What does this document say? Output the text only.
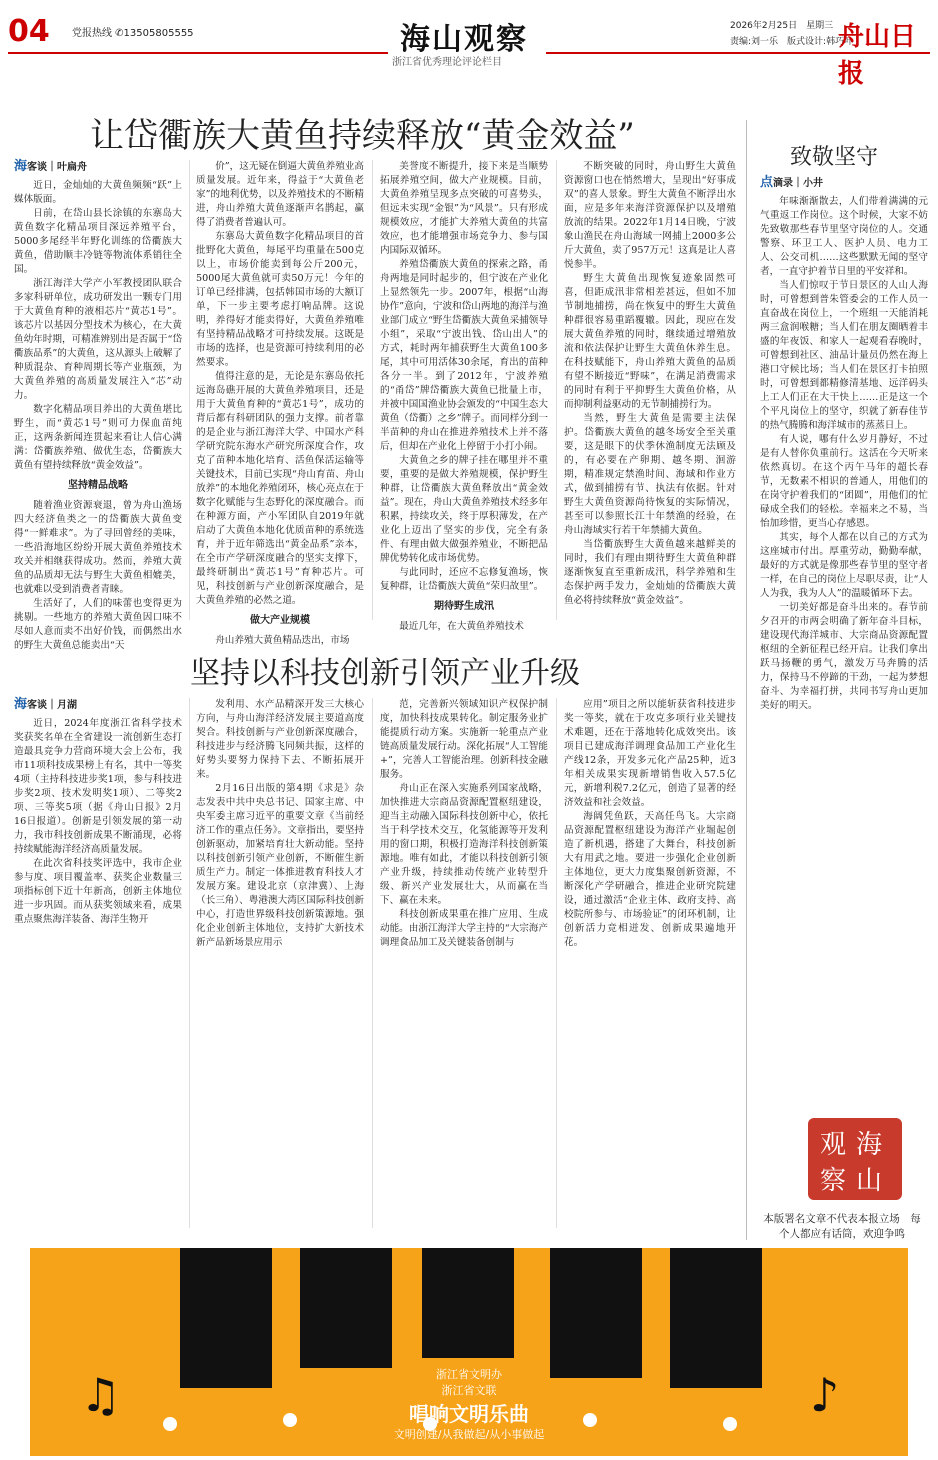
04 党报热线 ✆13505805555	海山观察
浙江省优秀理论评论栏目
2026年2月25日　星期三
责编:刘一乐　版式设计:韩巧叶
舟山日报
让岱衢族大黄鱼持续释放“黄金效益”
海客谈｜叶扁舟

近日，金灿灿的大黄鱼频频“跃”上媒体版面。

日前，在岱山县长涂镇的东寨岛大黄鱼数字化精品项目深远养殖平台，5000多尾经半年野化训练的岱衢族大黄鱼，借助顺丰冷链等物流体系销往全国。

浙江海洋大学产小军教授团队联合多家科研单位，成功研发出一颗专门用于大黄鱼育种的液相芯片“黄芯1号”。该芯片以基因分型技术为核心，在大黄鱼幼年时期，可精准辨别出是否属于“岱衢族品系”的大黄鱼，这从源头上破解了种质混杂、育种周期长等产业瓶颈，为大黄鱼养殖的高质量发展注入“芯”动力。

数字化精品项目养出的大黄鱼堪比野生，而“黄芯1号”则可力保血苗纯正，这两条新闻连贯起来看让人信心满满：岱衢族养殖、做优生态，岱衢族大黄鱼有望持续释放“黄金效益”。

坚持精品战略

随着渔业资源衰退，曾为舟山渔场四大经济鱼类之一的岱衢族大黄鱼变得“一鲜难求”。为了寻回曾经的美味，一些沿海地区纷纷开展大黄鱼养殖技术攻关并相继获得成功。然而，养殖大黄鱼的品质却无法与野生大黄鱼相媲美，也就难以受到消费者青睐。

生活好了，人们的味蕾也变得更为挑剔。一些地方的养殖大黄鱼因口味不尽如人意而卖不出好价钱，而偶然出水的野生大黄鱼总能卖出“天

价”，这无疑在倒逼大黄鱼养殖业高质量发展。近年来，得益于“大黄鱼老家”的地利优势，以及养殖技术的不断精进，舟山养殖大黄鱼逐渐声名鹊起，赢得了消费者普遍认可。

东寨岛大黄鱼数字化精品项目的首批野化大黄鱼，每尾平均重量在500克以上，市场价能卖到每公斤200元，5000尾大黄鱼就可卖50万元！今年的订单已经排满，包括韩国市场的大额订单，下一步主要考虑打响品牌。这说明，养得好才能卖得好，大黄鱼养殖唯有坚持精品战略才可持续发展。这既是市场的选择，也是资源可持续利用的必然要求。

值得注意的是，无论是东寨岛依托远海岛礁开展的大黄鱼养殖项目，还是用于大黄鱼育种的“黄芯1号”，成功的背后都有科研团队的强力支撑。前者靠的是企业与浙江海洋大学、中国水产科学研究院东海水产研究所深度合作，攻克了苗种本地化培育、活鱼保活运输等关键技术，目前已实现“舟山育苗、舟山放养”的本地化养殖闭环，核心亮点在于数字化赋能与生态野化的深度融合。而在种源方面，产小军团队自2019年就启动了大黄鱼本地化优质苗种的系统选育，并于近年筛选出“黄金品系”亲本，在全市产学研深度融合的坚实支撑下，最终研制出“黄芯1号”育种芯片。可见，科技创新与产业创新深度融合，是大黄鱼养殖的必然之道。

做大产业规模

舟山养殖大黄鱼精品迭出，市场

美誉度不断提升，接下来是当顺势拓展养殖空间，做大产业规模。目前，大黄鱼养殖呈现多点突破的可喜势头，但远未实现“金银”为“风景”。只有形成规模效应，才能扩大养殖大黄鱼的共富效应，也才能增强市场竞争力、参与国内国际双循环。

养殖岱衢族大黄鱼的探索之路，甬舟两地是同时起步的，但宁波在产业化上显然领先一步。2007年，根据“山海协作”意向，宁波和岱山两地的海洋与渔业部门成立“野生岱衢族大黄鱼采捕领导小组”，采取“宁波出钱、岱山出人”的方式，耗时两年捕获野生大黄鱼100多尾，其中可用活体30余尾，育出的苗种各分一半。到了2012年，宁波养殖的“甬岱”牌岱衢族大黄鱼已批量上市，并被中国国渔业协会颁发的“中国生态大黄鱼（岱衢）之乡”牌子。而同样分到一半苗种的舟山在推进养殖技术上并不落后，但却在产业化上停留于小打小闹。

大黄鱼之乡的牌子挂在哪里并不重要，重要的是做大养殖规模，保护野生种群，让岱衢族大黄鱼释放出“黄金效益”。现在，舟山大黄鱼养殖技术经多年积累，持续攻关，终于厚积薄发，在产业化上迈出了坚实的步伐，完全有条件、有理由做大做强养殖业，不断把品牌优势转化成市场优势。

与此同时，还应不忘修复渔场，恢复种群，让岱衢族大黄鱼“荣归故里”。

期待野生成汛

最近几年，在大黄鱼养殖技术

不断突破的同时，舟山野生大黄鱼资源窗口也在悄然增大，呈现出“好事成双”的喜人景象。野生大黄鱼不断浮出水面，应是多年来海洋资源保护以及增殖放流的结果。2022年1月14日晚，宁波象山渔民在舟山海域一网捕上2000多公斤大黄鱼，卖了957万元！这真是让人喜悦参半。

野生大黄鱼出现恢复迹象固然可喜，但距成汛非常相差甚远，但如不加节制地捕捞，尚在恢复中的野生大黄鱼种群很容易重蹈覆辙。因此，现应在发展大黄鱼养殖的同时，继续通过增殖放流和依法保护让野生大黄鱼休养生息。在科技赋能下，舟山养殖大黄鱼的品质有望不断接近“野味”，在满足消费需求的同时有利于平抑野生大黄鱼价格，从而抑制利益驱动的无节制捕捞行为。

当然，野生大黄鱼是需要主法保护。岱衢族大黄鱼的越冬场安全至关重要，这是眼下的伏季休渔制度无法顾及的，有必要在产卵期、越冬期、洄游期，精准规定禁渔时间、海域和作业方式，做到捕捞有节、执法有依据。针对野生大黄鱼资源尚待恢复的实际情况，甚至可以参照长江十年禁渔的经验，在舟山海域实行若干年禁捕大黄鱼。

当岱衢族野生大黄鱼越来越鲜美的同时，我们有理由期待野生大黄鱼种群逐渐恢复直至重新成汛，科学养殖和生态保护两手发力，金灿灿的岱衢族大黄鱼必将持续释放“黄金效益”。

致敬坚守
点滴录｜小井

年味渐渐散去，人们带着满满的元气重返工作岗位。这个时候，大家不妨先致敬那些春节里坚守岗位的人。交通警察、环卫工人、医护人员、电力工人、公交司机……这些默默无闻的坚守者，一直守护着节日里的平安祥和。

当人们惊叹于节日景区的人山人海时，可曾想到普朱管委会的工作人员一直奋战在岗位上，一个班组一天能消耗两三盒润喉糖；当人们在朋友圈晒着丰盛的年夜饭、和家人一起观看春晚时，可曾想到社区、油品计量员仍然在海上港口守候比场；当人们在景区打卡拍照时，可曾想到都精修清基地、远洋码头上工人们正在大干快上……正是这一个个平凡岗位上的坚守，织就了新春佳节的热气腾腾和海洋城市的蒸蒸日上。

有人说，哪有什么岁月静好，不过是有人替你负重前行。这活在今天听来依然真切。在这个丙午马年的超长春节，无数素不相识的普通人，用他们的在岗守护着我们的“团圆”，用他们的忙碌成全我们的轻松。幸福来之不易，当怡加珍惜，更当心存感恩。

其实，每个人都在以自己的方式为这座城市付出。厚重劳动，勤勤奉献，最好的方式就是像那些春节里的坚守者一样，在自己的岗位上尽职尽责，让“人人为我，我为人人”的温暖循环下去。

一切美好都是奋斗出来的。春节前夕召开的市两会明确了新年奋斗目标，建设现代海洋城市、大宗商品资源配置枢纽的全新征程已经开启。让我们拿出跃马扬鞭的勇气，激发万马奔腾的活力，保持马不停蹄的干劲，一起为梦想奋斗、为幸福打拼，共同书写舟山更加美好的明天。

海
山
观
察
本版署名文章不代表本报立场　每个人都应有话筒，欢迎争鸣
坚持以科技创新引领产业升级
海客谈｜月湖

近日，2024年度浙江省科学技术奖获奖名单在全省建设一流创新生态打造最具竞争力营商环境大会上公布，我市11项科技成果榜上有名，其中一等奖4项（主持科技进步奖1项，参与科技进步奖2项、技术发明奖1项）、二等奖2项、三等奖5项（据《舟山日报》2月16日报道）。创新是引领发展的第一动力，我市科技创新成果不断涌现，必将持续赋能海洋经济高质量发展。

在此次省科技奖评选中，我市企业参与度、项目覆盖率、获奖企业数量三项指标创下近十年新高，创新主体地位进一步巩固。而从获奖领域来看，成果重点聚焦海洋装备、海洋生物开

发利用、水产品精深开发三大核心方向，与舟山海洋经济发展主要道高度契合。科技创新与产业创新深度融合，科技进步与经济腾飞同频共振，这样的好势头要努力保持下去、不断拓展开来。

2月16日出版的第4期《求是》杂志发表中共中央总书记、国家主席、中央军委主席习近平的重要文章《当前经济工作的重点任务》。文章指出，要坚持创新驱动，加紧培育壮大新动能。坚持以科技创新引领产业创新，不断催生新质生产力。制定一体推进教育科技人才发展方案。建设北京（京津冀）、上海（长三角）、粤港澳大湾区国际科技创新中心，打造世界级科技创新策源地。强化企业创新主体地位，支持扩大新技术新产品新场景应用示

范，完善新兴领域知识产权保护制度，加快科技成果转化。制定服务业扩能提质行动方案。实施新一轮重点产业链高质量发展行动。深化拓展“人工智能+”，完善人工智能治理。创新科技金融服务。

舟山正在深入实施系列国家战略，加快推进大宗商品资源配置枢纽建设，迎当主动融入国际科技创新中心，依托当于科学技术交互，化氢能源等开发利用的窗口期，积极打造海洋科技创新策源地。唯有如此，才能以科技创新引领产业升级，持续推动传统产业转型升级、新兴产业发展壮大，从而赢在当下、赢在未来。

科技创新成果重在推广应用、生成动能。由浙江海洋大学主持的“大宗海产调理食品加工及关键装备创制与

应用”项目之所以能斩获省科技进步奖一等奖，就在于攻克多项行业关键技术难题，还在于落地转化成效突出。该项目已建成海洋调理食品加工产业化生产线12条，开发多元化产品25种，近3年相关成果实现新增销售收入57.5亿元，新增利税7.2亿元，创造了显著的经济效益和社会效益。

海阔凭鱼跃，天高任鸟飞。大宗商品资源配置枢纽建设为海洋产业堀起创造了新机遇，搭建了大舞台，科技创新大有用武之地。要进一步强化企业创新主体地位，更大力度集聚创新资源，不断深化产学研融合，推进企业研究院建设，通过激活“企业主体、政府支持、高校院所参与、市场验证”的闭环机制，让创新活力竞相迸发、创新成果遍地开花。

♫	♪
浙江省文明办
浙江省文联
唱响文明乐曲
文明创建/从我做起/从小事做起
